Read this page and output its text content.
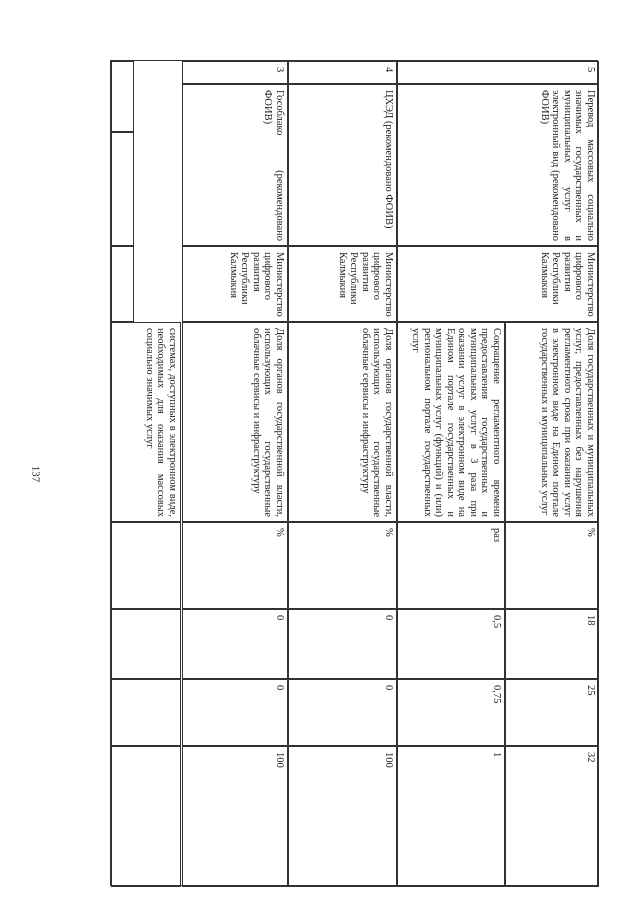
137	системах, доступных в электронном виде, необходимых для оказания массовых социально значимых услуг
3
Гособлако (рекомендовано ФОИВ)
Министерство цифрового развития Республики Калмыкия
Доля органов государственной власти, использующих государственные облачные сервисы и инфраструктуру
%
0
0
100
4
ЦХЭД (рекомендовано ФОИВ)
Министерство цифрового развития Республики Калмыкия
Доля органов государственной власти, использующих государственные облачные сервисы и инфраструктуру
%
0
0
100
5
Перевод массовых социально значимых государственных и муниципальных услуг в электронный вид (рекомендовано ФОИВ)
Министерство цифрового развития Республики Калмыкия
Сокращение регламентного времени предоставления государственных и муниципальных услуг в 3 раза при оказании услуг в электронном виде на Едином портале государственных и муниципальных услуг (функций) и (или) региональном портале государственных услуг
раз
0,5
0,75
1
Доля государственных и муниципальных услуг, предоставленных без нарушения регламентного срока при оказании услуг в электронном виде на Едином портале государственных и муниципальных услуг
%
18
25
32
